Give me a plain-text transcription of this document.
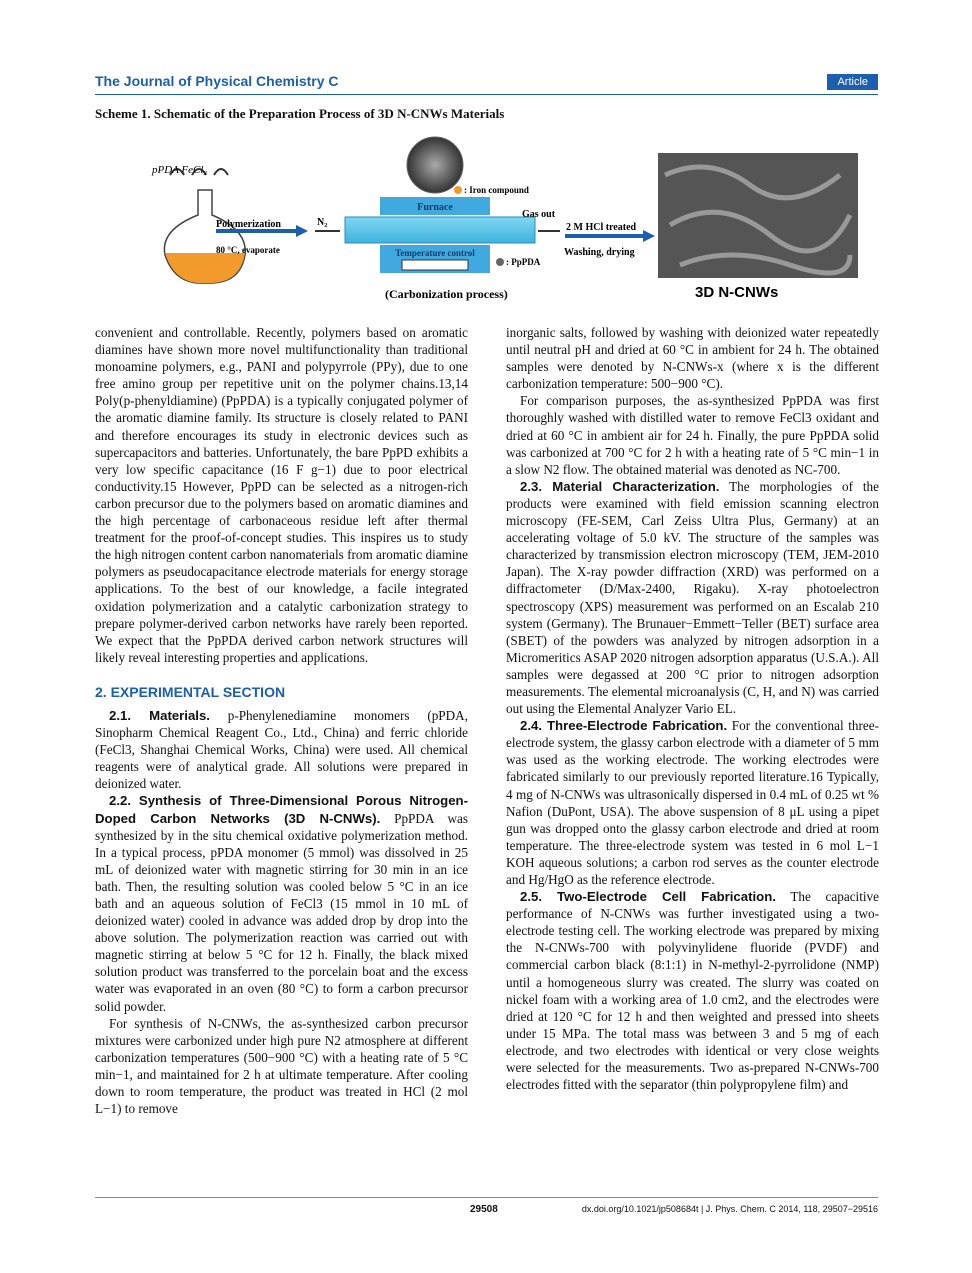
The Journal of Physical Chemistry C	Article
Scheme 1. Schematic of the Preparation Process of 3D N-CNWs Materials
pPDA FeCl₃
Polymerization
80 °C, evaporate
N₂
Furnace
Temperature control
: Iron compound
: PpPDA
Gas out
2 M HCl treated
Washing, drying
(Carbonization process)	3D N-CNWs

convenient and controllable. Recently, polymers based on aromatic diamines have shown more novel multifunctionality than traditional monoamine polymers, e.g., PANI and polypyrrole (PPy), due to one free amino group per repetitive unit on the polymer chains.13,14 Poly(p-phenyldiamine) (PpPDA) is a typically conjugated polymer of the aromatic diamine family. Its structure is closely related to PANI and therefore encourages its study in electronic devices such as supercapacitors and batteries. Unfortunately, the bare PpPD exhibits a very low specific capacitance (16 F g−1) due to poor electrical conductivity.15 However, PpPD can be selected as a nitrogen-rich carbon precursor due to the polymers based on aromatic diamines and the high percentage of carbonaceous residue left after thermal treatment for the proof-of-concept studies. This inspires us to study the high nitrogen content carbon nanomaterials from aromatic diamine polymers as pseudocapacitance electrode materials for energy storage applications. To the best of our knowledge, a facile integrated oxidation polymerization and a catalytic carbonization strategy to prepare polymer-derived carbon networks have rarely been reported. We expect that the PpPDA derived carbon network structures will likely reveal interesting properties and applications.

2. EXPERIMENTAL SECTION

2.1. Materials. p-Phenylenediamine monomers (pPDA, Sinopharm Chemical Reagent Co., Ltd., China) and ferric chloride (FeCl3, Shanghai Chemical Works, China) were used. All chemical reagents were of analytical grade. All solutions were prepared in deionized water.

2.2. Synthesis of Three-Dimensional Porous Nitrogen-Doped Carbon Networks (3D N-CNWs). PpPDA was synthesized by in the situ chemical oxidative polymerization method. In a typical process, pPDA monomer (5 mmol) was dissolved in 25 mL of deionized water with magnetic stirring for 30 min in an ice bath. Then, the resulting solution was cooled below 5 °C in an ice bath and an aqueous solution of FeCl3 (15 mmol in 10 mL of deionized water) cooled in advance was added drop by drop into the above solution. The polymerization reaction was carried out with magnetic stirring at below 5 °C for 12 h. Finally, the black mixed solution product was transferred to the porcelain boat and the excess water was evaporated in an oven (80 °C) to form a carbon precursor solid powder.

For synthesis of N-CNWs, the as-synthesized carbon precursor mixtures were carbonized under high pure N2 atmosphere at different carbonization temperatures (500−900 °C) with a heating rate of 5 °C min−1, and maintained for 2 h at ultimate temperature. After cooling down to room temperature, the product was treated in HCl (2 mol L−1) to remove

inorganic salts, followed by washing with deionized water repeatedly until neutral pH and dried at 60 °C in ambient for 24 h. The obtained samples were denoted by N-CNWs-x (where x is the different carbonization temperature: 500−900 °C).

For comparison purposes, the as-synthesized PpPDA was first thoroughly washed with distilled water to remove FeCl3 oxidant and dried at 60 °C in ambient air for 24 h. Finally, the pure PpPDA solid was carbonized at 700 °C for 2 h with a heating rate of 5 °C min−1 in a slow N2 flow. The obtained material was denoted as NC-700.

2.3. Material Characterization. The morphologies of the products were examined with field emission scanning electron microscopy (FE-SEM, Carl Zeiss Ultra Plus, Germany) at an accelerating voltage of 5.0 kV. The structure of the samples was characterized by transmission electron microscopy (TEM, JEM-2010 Japan). The X-ray powder diffraction (XRD) was performed on a diffractometer (D/Max-2400, Rigaku). X-ray photoelectron spectroscopy (XPS) measurement was performed on an Escalab 210 system (Germany). The Brunauer−Emmett−Teller (BET) surface area (SBET) of the powders was analyzed by nitrogen adsorption in a Micromeritics ASAP 2020 nitrogen adsorption apparatus (U.S.A.). All samples were degassed at 200 °C prior to nitrogen adsorption measurements. The elemental microanalysis (C, H, and N) was carried out using the Elemental Analyzer Vario EL.

2.4. Three-Electrode Fabrication. For the conventional three-electrode system, the glassy carbon electrode with a diameter of 5 mm was used as the working electrode. The working electrodes were fabricated similarly to our previously reported literature.16 Typically, 4 mg of N-CNWs was ultrasonically dispersed in 0.4 mL of 0.25 wt % Nafion (DuPont, USA). The above suspension of 8 μL using a pipet gun was dropped onto the glassy carbon electrode and dried at room temperature. The three-electrode system was tested in 6 mol L−1 KOH aqueous solutions; a carbon rod serves as the counter electrode and Hg/HgO as the reference electrode.

2.5. Two-Electrode Cell Fabrication. The capacitive performance of N-CNWs was further investigated using a two-electrode testing cell. The working electrode was prepared by mixing the N-CNWs-700 with polyvinylidene fluoride (PVDF) and commercial carbon black (8:1:1) in N-methyl-2-pyrrolidone (NMP) until a homogeneous slurry was created. The slurry was coated on nickel foam with a working area of 1.0 cm2, and the electrodes were dried at 120 °C for 12 h and then weighted and pressed into sheets under 15 MPa. The total mass was between 3 and 5 mg of each electrode, and two electrodes with identical or very close weights were selected for the measurements. Two as-prepared N-CNWs-700 electrodes fitted with the separator (thin polypropylene film) and

29508	dx.doi.org/10.1021/jp508684t | J. Phys. Chem. C 2014, 118, 29507−29516
